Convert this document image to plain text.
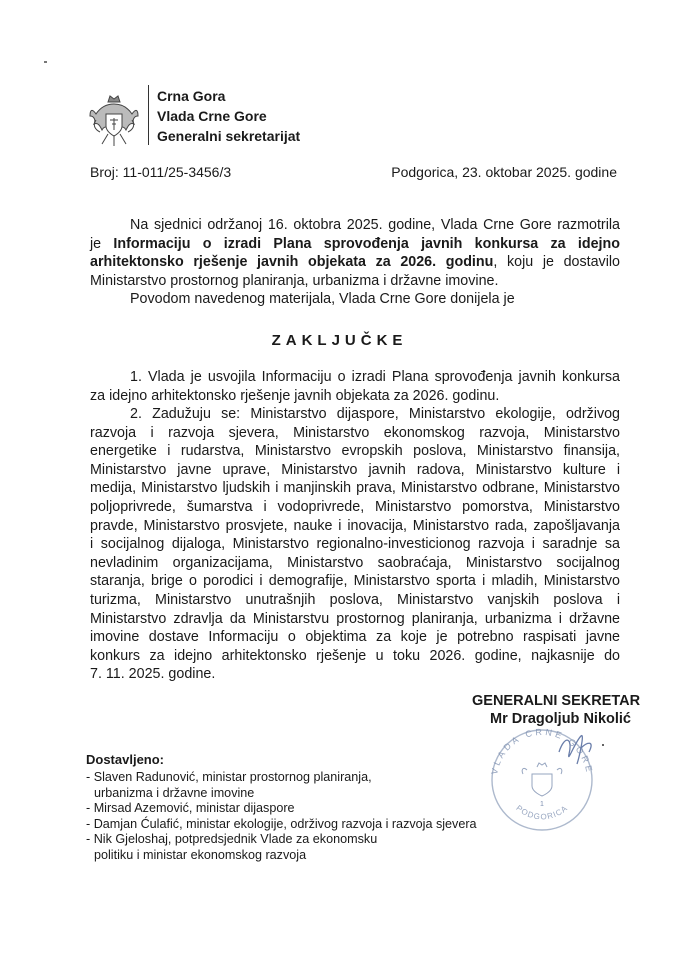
Crna Gora
Vlada Crne Gore
Generalni sekretarijat
Broj: 11-011/25-3456/3	Podgorica, 23. oktobar 2025. godine
Na sjednici održanoj 16. oktobra 2025. godine, Vlada Crne Gore razmotrila
je Informaciju o izradi Plana sprovođenja javnih konkursa za idejno
arhitektonsko rješenje javnih objekata za 2026. godinu, koju je dostavilo
Ministarstvo prostornog planiranja, urbanizma i državne imovine.
Povodom navedenog materijala, Vlada Crne Gore donijela je
ZAKLJUČKE
1. Vlada je usvojila Informaciju o izradi Plana sprovođenja javnih konkursa
za idejno arhitektonsko rješenje javnih objekata za 2026. godinu.
2. Zadužuju se: Ministarstvo dijaspore, Ministarstvo ekologije, održivog
razvoja i razvoja sjevera, Ministarstvo ekonomskog razvoja, Ministarstvo
energetike i rudarstva, Ministarstvo evropskih poslova, Ministarstvo finansija,
Ministarstvo javne uprave, Ministarstvo javnih radova, Ministarstvo kulture i
medija, Ministarstvo ljudskih i manjinskih prava, Ministarstvo odbrane, Ministarstvo
poljoprivrede, šumarstva i vodoprivrede, Ministarstvo pomorstva, Ministarstvo
pravde, Ministarstvo prosvjete, nauke i inovacija, Ministarstvo rada, zapošljavanja
i socijalnog dijaloga, Ministarstvo regionalno-investicionog razvoja i saradnje sa
nevladinim organizacijama, Ministarstvo saobraćaja, Ministarstvo socijalnog
staranja, brige o porodici i demografije, Ministarstvo sporta i mladih, Ministarstvo
turizma, Ministarstvo unutrašnjih poslova, Ministarstvo vanjskih poslova i
Ministarstvo zdravlja da Ministarstvu prostornog planiranja, urbanizma i državne
imovine dostave Informaciju o objektima za koje je potrebno raspisati javne
konkurs za idejno arhitektonsko rješenje u toku 2026. godine, najkasnije do
7. 11. 2025. godine.
GENERALNI SEKRETAR
VLADA CRNE GORE
PODGORICA
1
Mr Dragoljub Nikolić
Dostavljeno:
- Slaven Radunović, ministar prostornog planiranja, urbanizma i državne imovine
- Mirsad Azemović, ministar dijaspore
- Damjan Ćulafić, ministar ekologije, održivog razvoja i razvoja sjevera
- Nik Gjeloshaj, potpredsjednik Vlade za ekonomsku politiku i ministar ekonomskog razvoja
